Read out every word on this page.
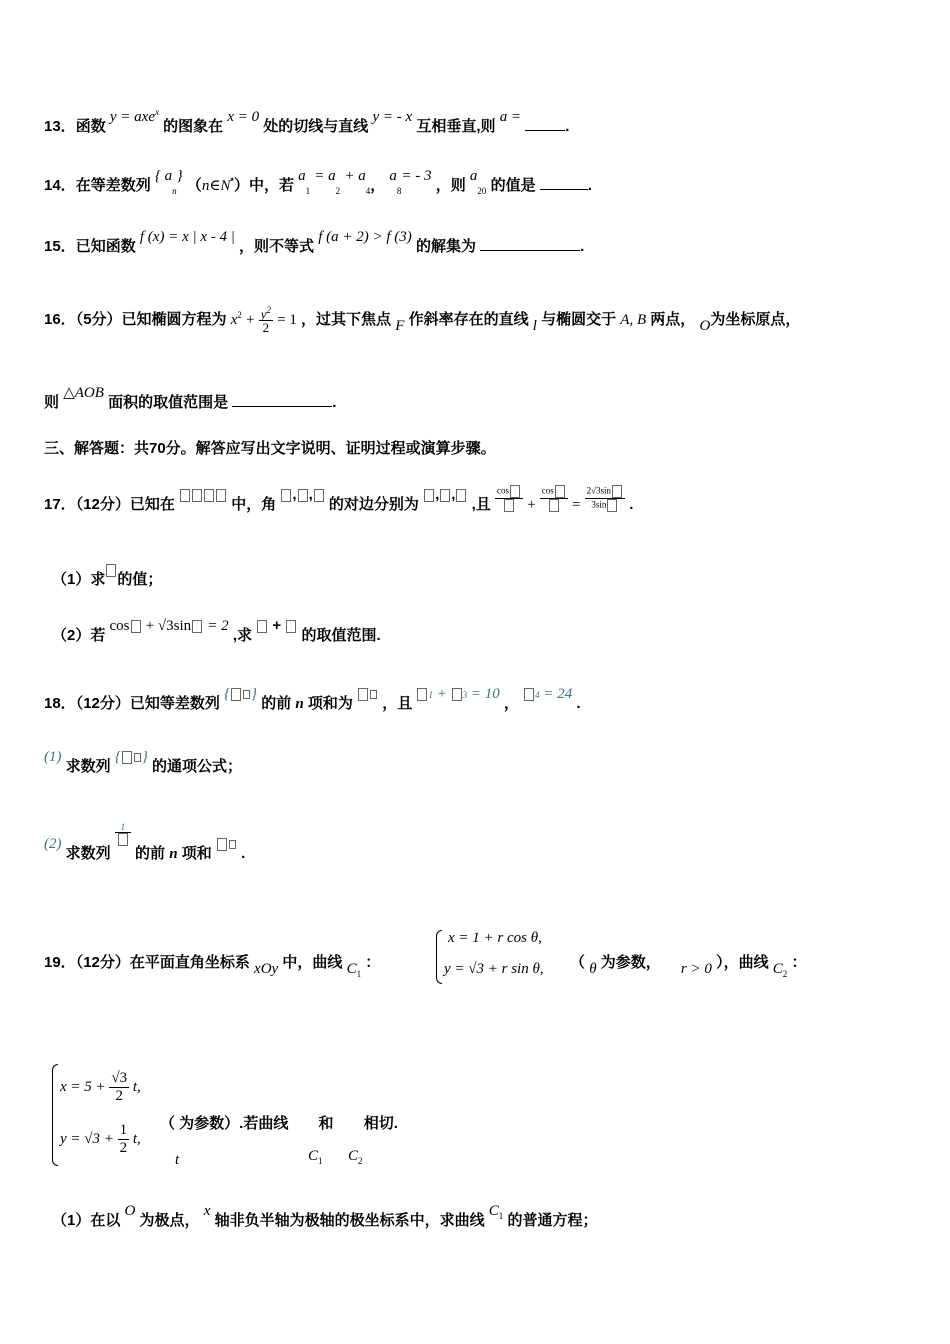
13．函数 y = axe$^x$ 的图象在 x = 0 处的切线与直线 y = - x 互相垂直,则 a = .
14．在等差数列 { $a_n$} （n∈N*）中，若 $a_1 = a_2 + a_4$， $a_8= - 3$ ，则 $a_{20}$ 的值是	.
15．已知函数 f (x) = x | x - 4 | ，则不等式 f (a + 2) > f (3) 的解集为	.
16．（5分）已知椭圆方程为 $x^2 + \frac{y^2}{2} = 1$ ，过其下焦点 F 作斜率存在的直线 l 与椭圆交于 A, B 两点， O为坐标原点，
则 △AOB 面积的取值范围是	.
三、解答题：共70分。解答应写出文字说明、证明过程或演算步骤。
17．（12分）已知在	中，角 , , 的对边分别为 , , ,且
cos
+
cos
= $\frac{2√3\sin}{3\sin}$ .
（1）求 的值；
（2）若 cos + √3sin = 2 ,求  +  的取值范围.
18．（12分）已知等差数列 { } 的前 n 项和为 ，且 1 + 3 = 10 ， 4 = 24 .
(1) 求数列 { } 的通项公式；
(2) 求数列
1
的前 n 项和 .
19．（12分）在平面直角坐标系 xOy 中，曲线 $C_1$ ：
x = 1 + r cos θ,
y = √3 + r sin θ, （ θ 为参数， r > 0 ），曲线 $C_2$ ：
$x = 5 + \frac{√3}{2} t$,
$y = √3 + \frac{1}{2} t$,
（ 为参数）.若曲线 和 相切.
t	$C_1$ $C_2$
（1）在以 O 为极点， x 轴非负半轴为极轴的极坐标系中，求曲线 $C_1$ 的普通方程；
